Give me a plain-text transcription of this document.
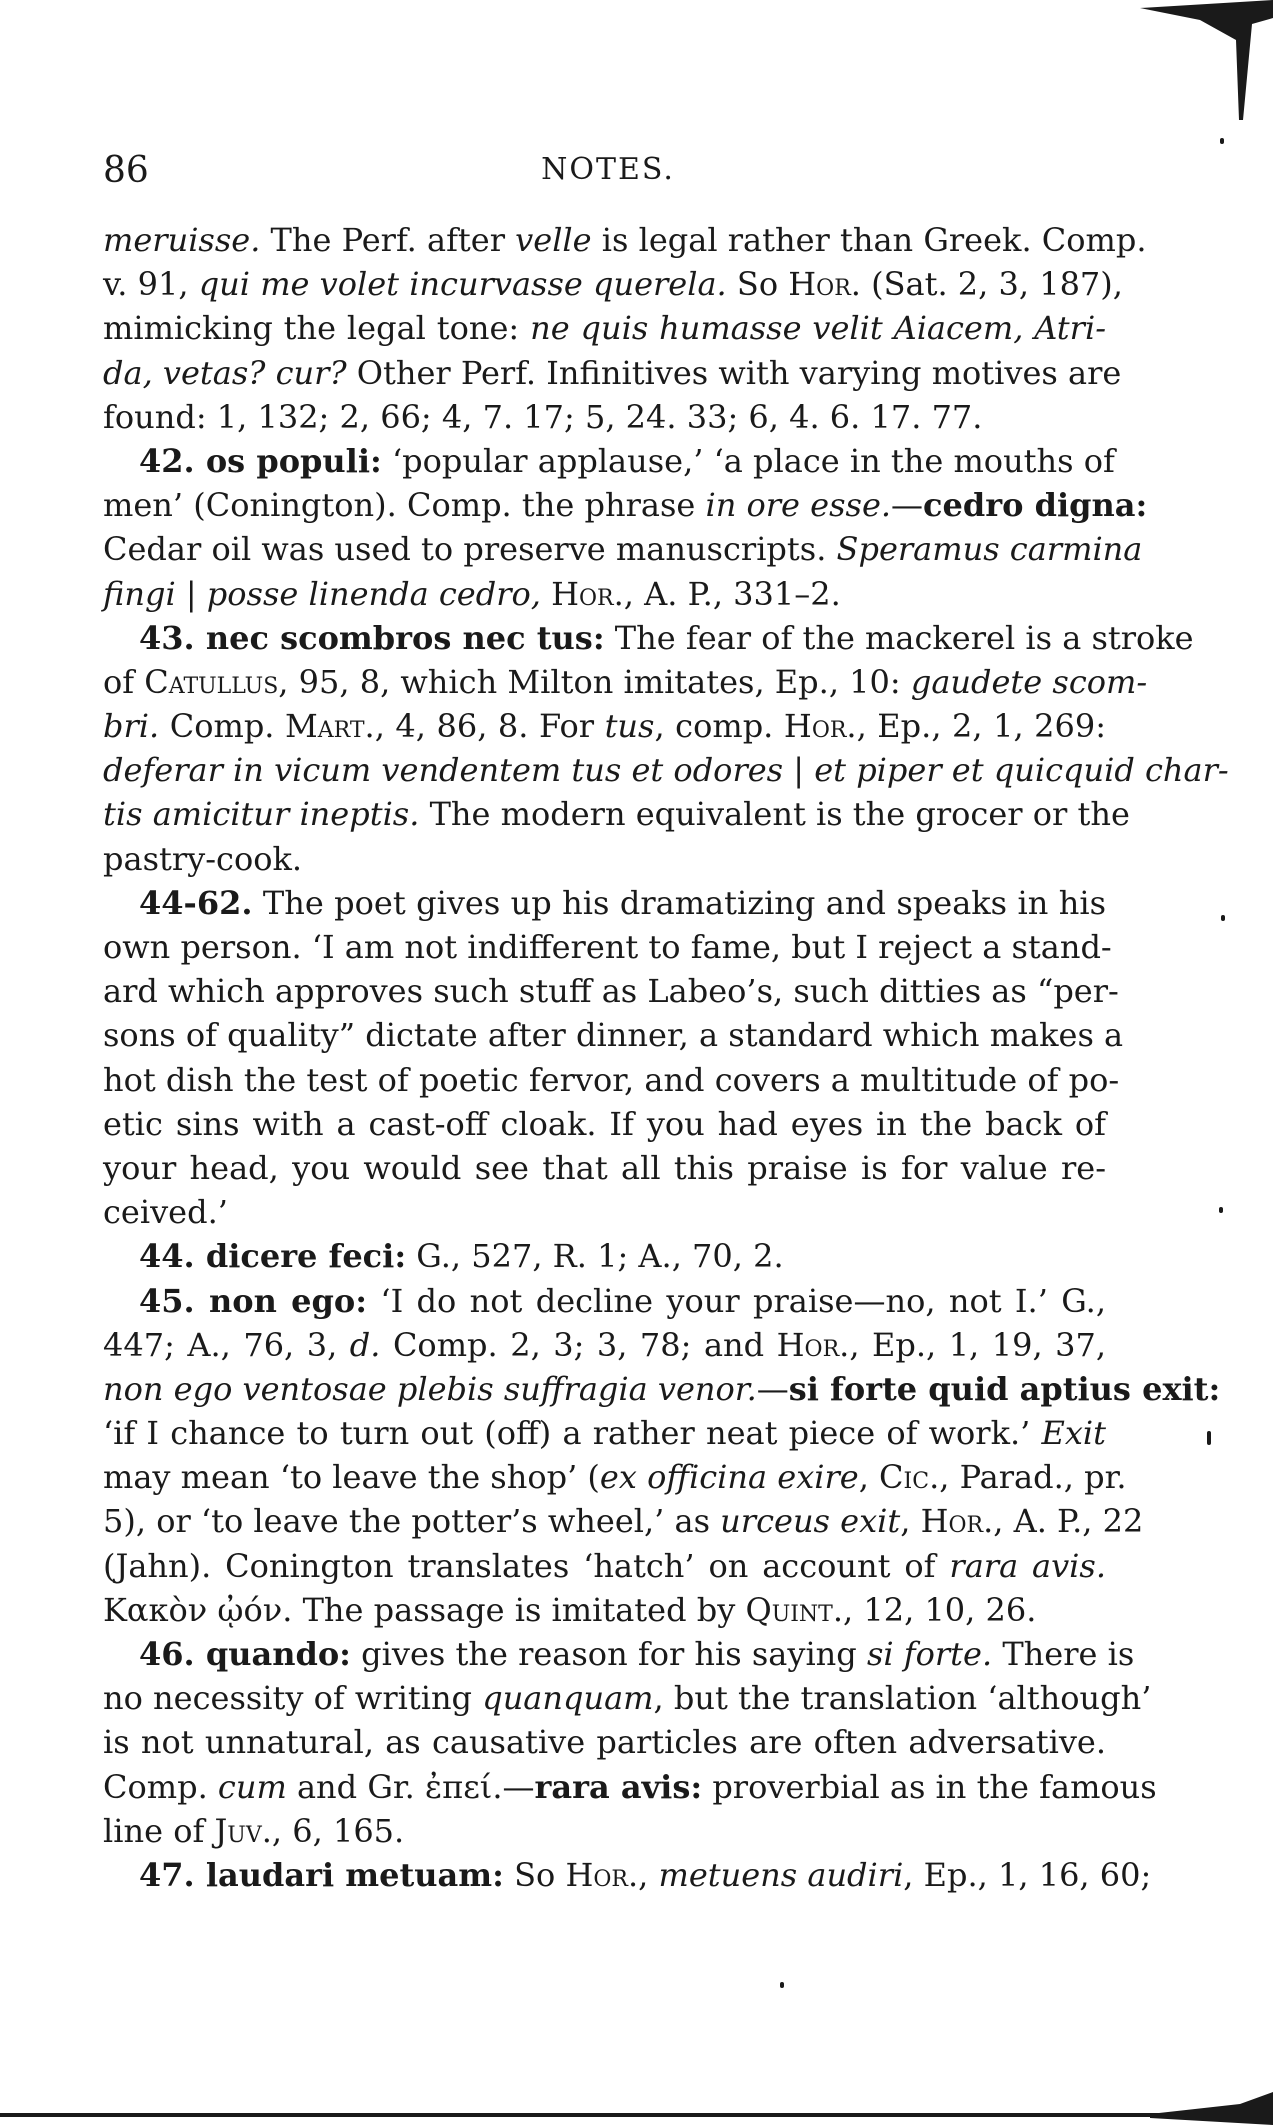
86	NOTES.
meruisse. The Perf. after velle is legal rather than Greek. Comp.
v. 91, qui me volet incurvasse querela. So Hor. (Sat. 2, 3, 187),
mimicking the legal tone: ne quis humasse velit Aiacem, Atri-
da, vetas? cur? Other Perf. Infinitives with varying motives are
found: 1, 132; 2, 66; 4, 7. 17; 5, 24. 33; 6, 4. 6. 17. 77.
42. os populi: ‘popular applause,’ ‘a place in the mouths of
men’ (Conington). Comp. the phrase in ore esse.—cedro digna:
Cedar oil was used to preserve manuscripts. Speramus carmina
fingi | posse linenda cedro, Hor., A. P., 331–2.
43. nec scombros nec tus: The fear of the mackerel is a stroke
of Catullus, 95, 8, which Milton imitates, Ep., 10: gaudete scom-
bri. Comp. Mart., 4, 86, 8. For tus, comp. Hor., Ep., 2, 1, 269:
deferar in vicum vendentem tus et odores | et piper et quicquid char-
tis amicitur ineptis. The modern equivalent is the grocer or the
pastry-cook.
44-62. The poet gives up his dramatizing and speaks in his
own person. ‘I am not indifferent to fame, but I reject a stand-
ard which approves such stuff as Labeo’s, such ditties as “per-
sons of quality” dictate after dinner, a standard which makes a
hot dish the test of poetic fervor, and covers a multitude of po-
etic sins with a cast-off cloak. If you had eyes in the back of
your head, you would see that all this praise is for value re-
ceived.’
44. dicere feci: G., 527, R. 1; A., 70, 2.
45. non ego: ‘I do not decline your praise—no, not I.’ G.,
447; A., 76, 3, d. Comp. 2, 3; 3, 78; and Hor., Ep., 1, 19, 37,
non ego ventosae plebis suffragia venor.—si forte quid aptius exit:
‘if I chance to turn out (off) a rather neat piece of work.’ Exit
may mean ‘to leave the shop’ (ex officina exire, Cic., Parad., pr.
5), or ‘to leave the potter’s wheel,’ as urceus exit, Hor., A. P., 22
(Jahn). Conington translates ‘hatch’ on account of rara avis.
Κακὸν ᾠόν. The passage is imitated by Quint., 12, 10, 26.
46. quando: gives the reason for his saying si forte. There is
no necessity of writing quanquam, but the translation ‘although’
is not unnatural, as causative particles are often adversative.
Comp. cum and Gr. ἐπεί.—rara avis: proverbial as in the famous
line of Juv., 6, 165.
47. laudari metuam: So Hor., metuens audiri, Ep., 1, 16, 60;
